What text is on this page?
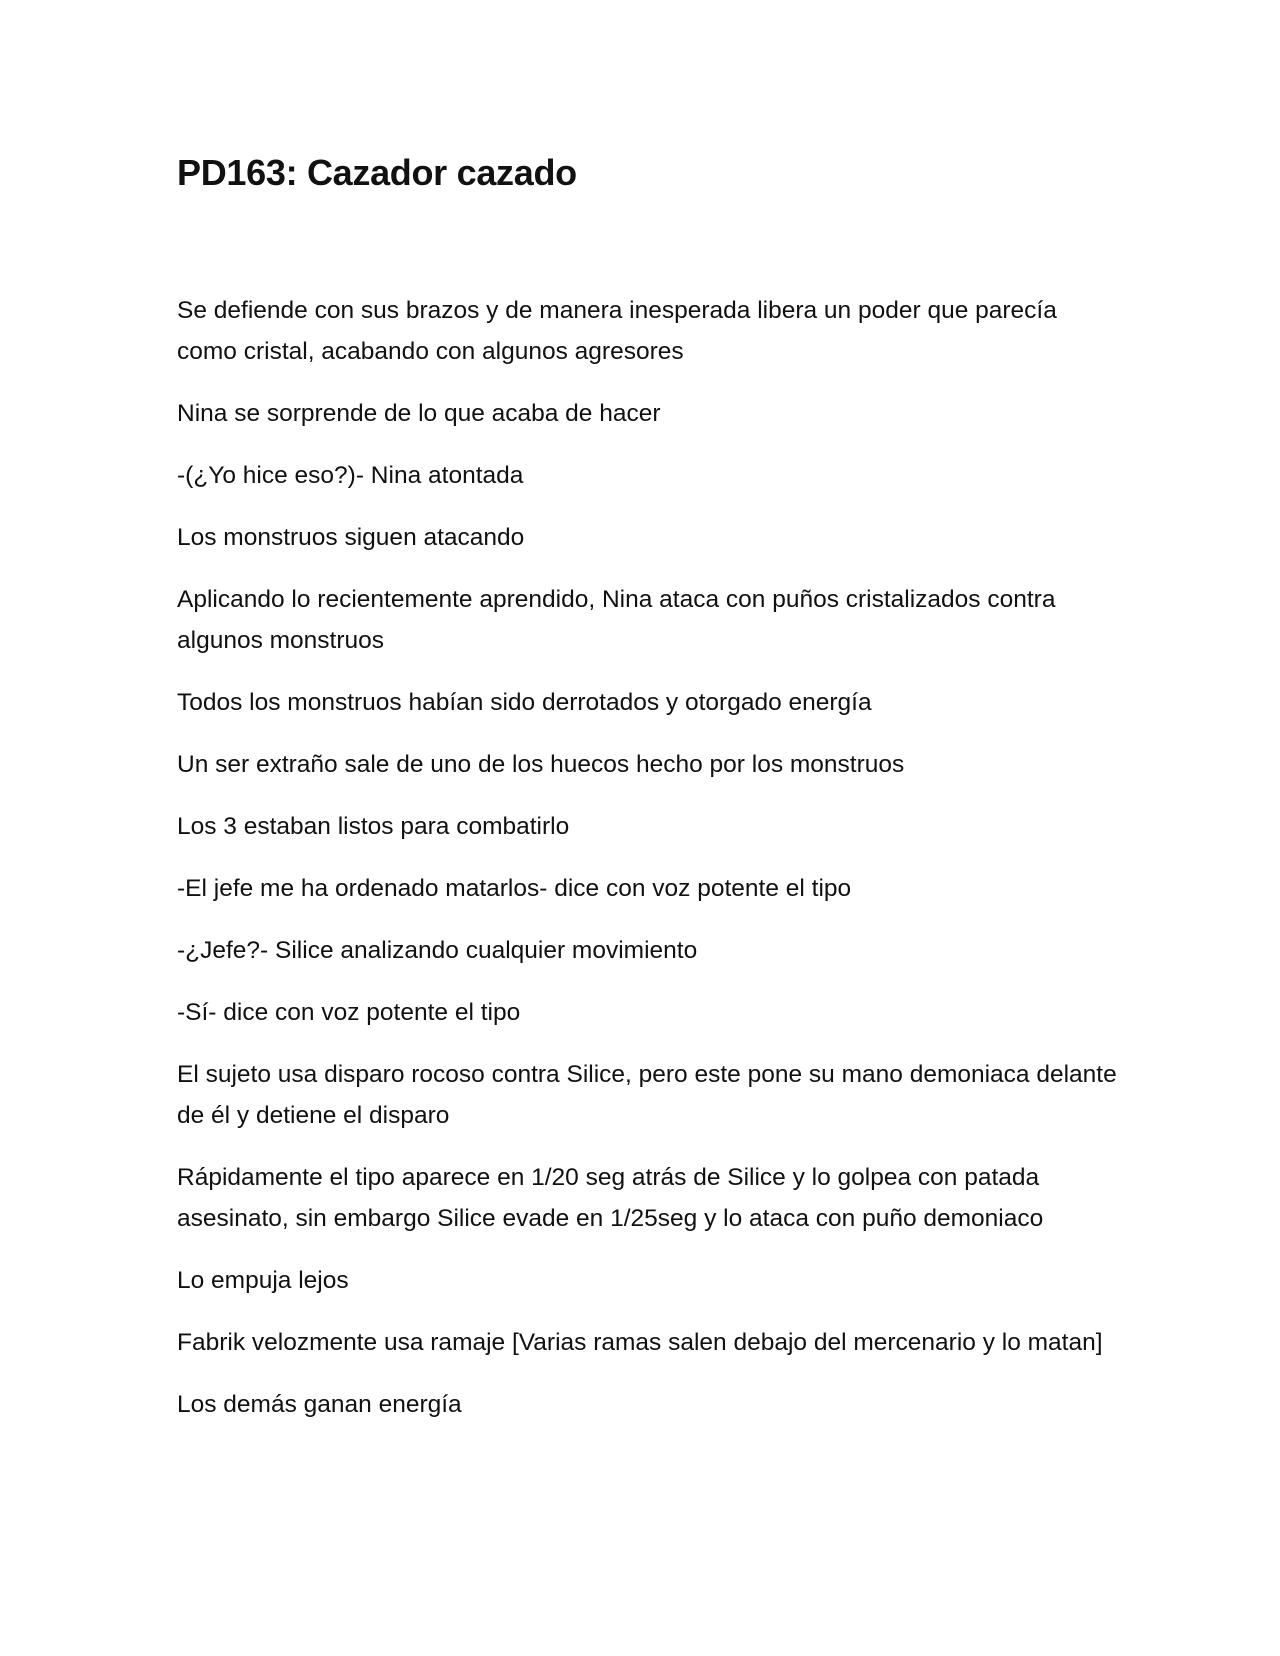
PD163: Cazador cazado

Se defiende con sus brazos y de manera inesperada libera un poder que parecía como cristal, acabando con algunos agresores

Nina se sorprende de lo que acaba de hacer

-(¿Yo hice eso?)- Nina atontada

Los monstruos siguen atacando

Aplicando lo recientemente aprendido, Nina ataca con puños cristalizados contra algunos monstruos

Todos los monstruos habían sido derrotados y otorgado energía

Un ser extraño sale de uno de los huecos hecho por los monstruos

Los 3 estaban listos para combatirlo

-El jefe me ha ordenado matarlos- dice con voz potente el tipo

-¿Jefe?- Silice analizando cualquier movimiento

-Sí- dice con voz potente el tipo

El sujeto usa disparo rocoso contra Silice, pero este pone su mano demoniaca delante de él y detiene el disparo

Rápidamente el tipo aparece en 1/20 seg atrás de Silice y lo golpea con patada asesinato, sin embargo Silice evade en 1/25seg y lo ataca con puño demoniaco

Lo empuja lejos

Fabrik velozmente usa ramaje [Varias ramas salen debajo del mercenario y lo matan]

Los demás ganan energía
